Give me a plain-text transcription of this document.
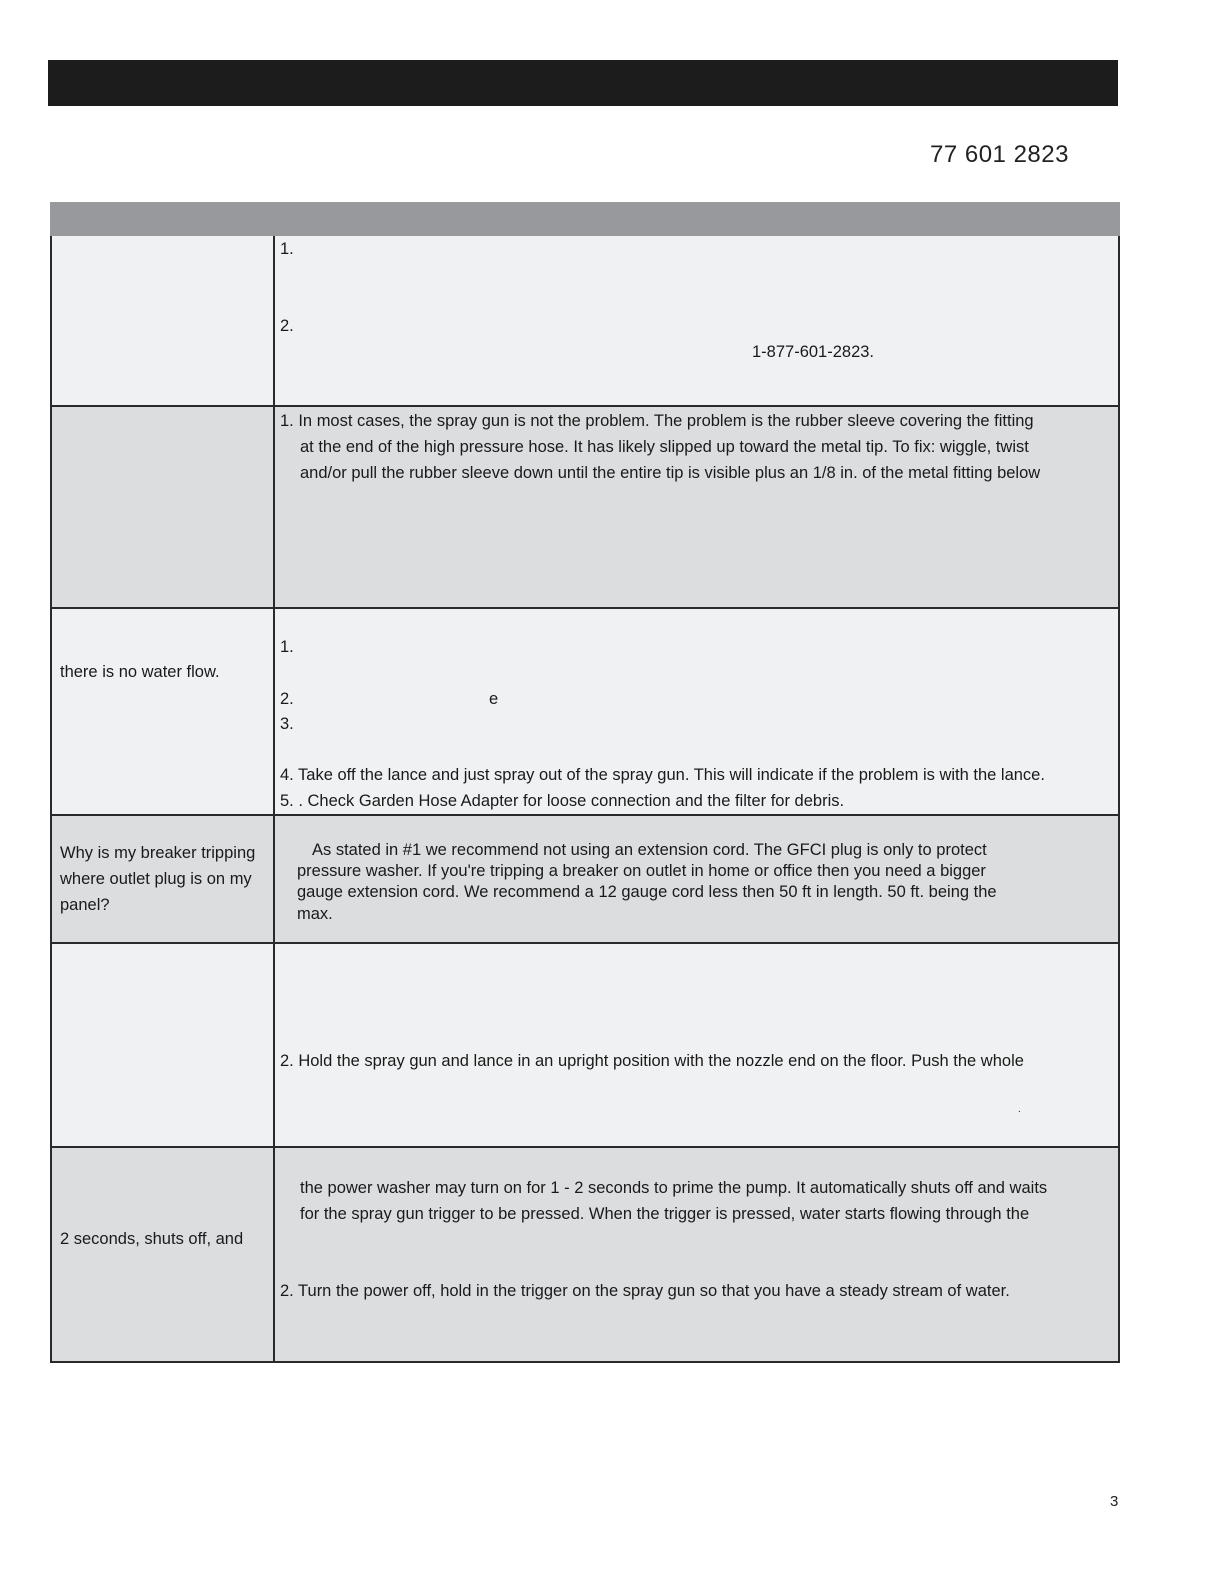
77 601 2823
1.
2.
1-877-601-2823.
1. In most cases, the spray gun is not the problem. The problem is the rubber sleeve covering the fitting
at the end of the high pressure hose. It has likely slipped up toward the metal tip. To fix: wiggle, twist
and/or pull the rubber sleeve down until the entire tip is visible plus an 1/8 in. of the metal fitting below
there is no water flow.
1.
2.	e
3.
4. Take off the lance and just spray out of the spray gun. This will indicate if the problem is with the lance.
5. . Check Garden Hose Adapter for loose connection and the filter for debris.
Why is my breaker tripping where outlet plug is on my panel?
As stated in #1 we recommend not using an extension cord. The GFCI plug is only to protect
pressure washer. If you're tripping a breaker on outlet in home or office then you need a bigger
gauge extension cord. We recommend a 12 gauge cord less then 50 ft in length. 50 ft. being the
max.
2. Hold the spray gun and lance in an upright position with the nozzle end on the floor. Push the whole
.
2 seconds, shuts off, and
the power washer may turn on for 1 - 2 seconds to prime the pump. It automatically shuts off and waits
for the spray gun trigger to be pressed. When the trigger is pressed, water starts flowing through the
2. Turn the power off, hold in the trigger on the spray gun so that you have a steady stream of water.
3
